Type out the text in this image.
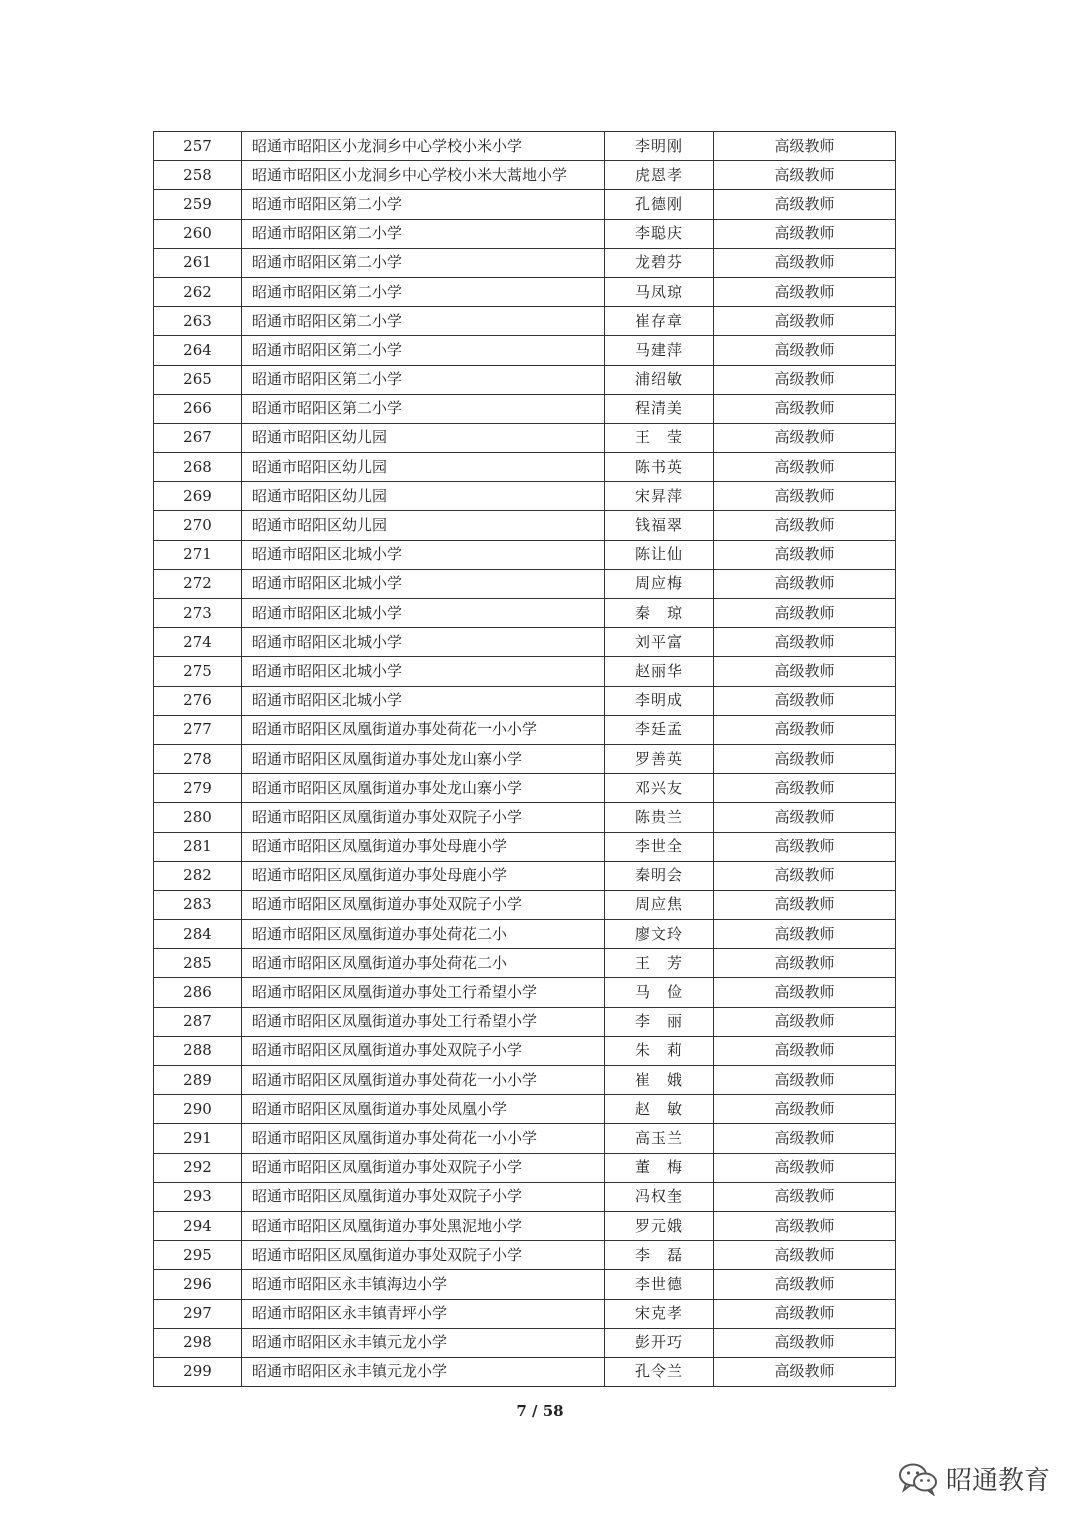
257	昭通市昭阳区小龙洞乡中心学校小米小学	李明刚	高级教师
258	昭通市昭阳区小龙洞乡中心学校小米大蒿地小学	虎恩孝	高级教师
259	昭通市昭阳区第二小学	孔德刚	高级教师
260	昭通市昭阳区第二小学	李聪庆	高级教师
261	昭通市昭阳区第二小学	龙碧芬	高级教师
262	昭通市昭阳区第二小学	马凤琼	高级教师
263	昭通市昭阳区第二小学	崔存章	高级教师
264	昭通市昭阳区第二小学	马建萍	高级教师
265	昭通市昭阳区第二小学	浦绍敏	高级教师
266	昭通市昭阳区第二小学	程清美	高级教师
267	昭通市昭阳区幼儿园	王　莹	高级教师
268	昭通市昭阳区幼儿园	陈书英	高级教师
269	昭通市昭阳区幼儿园	宋昇萍	高级教师
270	昭通市昭阳区幼儿园	钱福翠	高级教师
271	昭通市昭阳区北城小学	陈让仙	高级教师
272	昭通市昭阳区北城小学	周应梅	高级教师
273	昭通市昭阳区北城小学	秦　琼	高级教师
274	昭通市昭阳区北城小学	刘平富	高级教师
275	昭通市昭阳区北城小学	赵丽华	高级教师
276	昭通市昭阳区北城小学	李明成	高级教师
277	昭通市昭阳区凤凰街道办事处荷花一小小学	李廷孟	高级教师
278	昭通市昭阳区凤凰街道办事处龙山寨小学	罗善英	高级教师
279	昭通市昭阳区凤凰街道办事处龙山寨小学	邓兴友	高级教师
280	昭通市昭阳区凤凰街道办事处双院子小学	陈贵兰	高级教师
281	昭通市昭阳区凤凰街道办事处母鹿小学	李世全	高级教师
282	昭通市昭阳区凤凰街道办事处母鹿小学	秦明会	高级教师
283	昭通市昭阳区凤凰街道办事处双院子小学	周应焦	高级教师
284	昭通市昭阳区凤凰街道办事处荷花二小	廖文玲	高级教师
285	昭通市昭阳区凤凰街道办事处荷花二小	王　芳	高级教师
286	昭通市昭阳区凤凰街道办事处工行希望小学	马　俭	高级教师
287	昭通市昭阳区凤凰街道办事处工行希望小学	李　丽	高级教师
288	昭通市昭阳区凤凰街道办事处双院子小学	朱　莉	高级教师
289	昭通市昭阳区凤凰街道办事处荷花一小小学	崔　娥	高级教师
290	昭通市昭阳区凤凰街道办事处凤凰小学	赵　敏	高级教师
291	昭通市昭阳区凤凰街道办事处荷花一小小学	高玉兰	高级教师
292	昭通市昭阳区凤凰街道办事处双院子小学	董　梅	高级教师
293	昭通市昭阳区凤凰街道办事处双院子小学	冯权奎	高级教师
294	昭通市昭阳区凤凰街道办事处黑泥地小学	罗元娥	高级教师
295	昭通市昭阳区凤凰街道办事处双院子小学	李　磊	高级教师
296	昭通市昭阳区永丰镇海边小学	李世德	高级教师
297	昭通市昭阳区永丰镇青坪小学	宋克孝	高级教师
298	昭通市昭阳区永丰镇元龙小学	彭开巧	高级教师
299	昭通市昭阳区永丰镇元龙小学	孔令兰	高级教师
7 / 58
昭通教育
